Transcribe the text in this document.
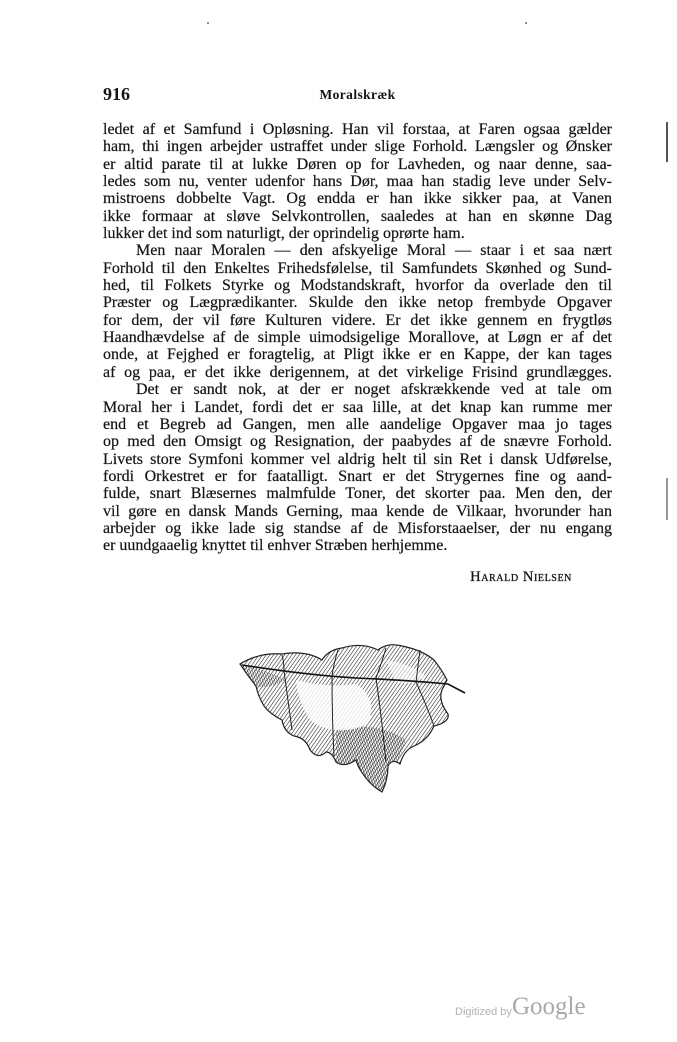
916	Moralskræk
ledet af et Samfund i Opløsning. Han vil forstaa, at Faren ogsaa gælder
ham, thi ingen arbejder ustraffet under slige Forhold. Længsler og Ønsker
er altid parate til at lukke Døren op for Lavheden, og naar denne, saa-
ledes som nu, venter udenfor hans Dør, maa han stadig leve under Selv-
mistroens dobbelte Vagt. Og endda er han ikke sikker paa, at Vanen
ikke formaar at sløve Selvkontrollen, saaledes at han en skønne Dag
lukker det ind som naturligt, der oprindelig oprørte ham.
Men naar Moralen — den afskyelige Moral — staar i et saa nært
Forhold til den Enkeltes Frihedsfølelse, til Samfundets Skønhed og Sund-
hed, til Folkets Styrke og Modstandskraft, hvorfor da overlade den til
Præster og Lægprædikanter. Skulde den ikke netop frembyde Opgaver
for dem, der vil føre Kulturen videre. Er det ikke gennem en frygtløs
Haandhævdelse af de simple uimodsigelige Morallove, at Løgn er af det
onde, at Fejghed er foragtelig, at Pligt ikke er en Kappe, der kan tages
af og paa, er det ikke derigennem, at det virkelige Frisind grundlægges.
Det er sandt nok, at der er noget afskrækkende ved at tale om
Moral her i Landet, fordi det er saa lille, at det knap kan rumme mer
end et Begreb ad Gangen, men alle aandelige Opgaver maa jo tages
op med den Omsigt og Resignation, der paabydes af de snævre Forhold.
Livets store Symfoni kommer vel aldrig helt til sin Ret i dansk Udførelse,
fordi Orkestret er for faatalligt. Snart er det Strygernes fine og aand-
fulde, snart Blæsernes malmfulde Toner, det skorter paa. Men den, der
vil gøre en dansk Mands Gerning, maa kende de Vilkaar, hvorunder han
arbejder og ikke lade sig standse af de Misforstaaelser, der nu engang
er uundgaaelig knyttet til enhver Stræben herhjemme.
Harald Nielsen
Digitized by Google
